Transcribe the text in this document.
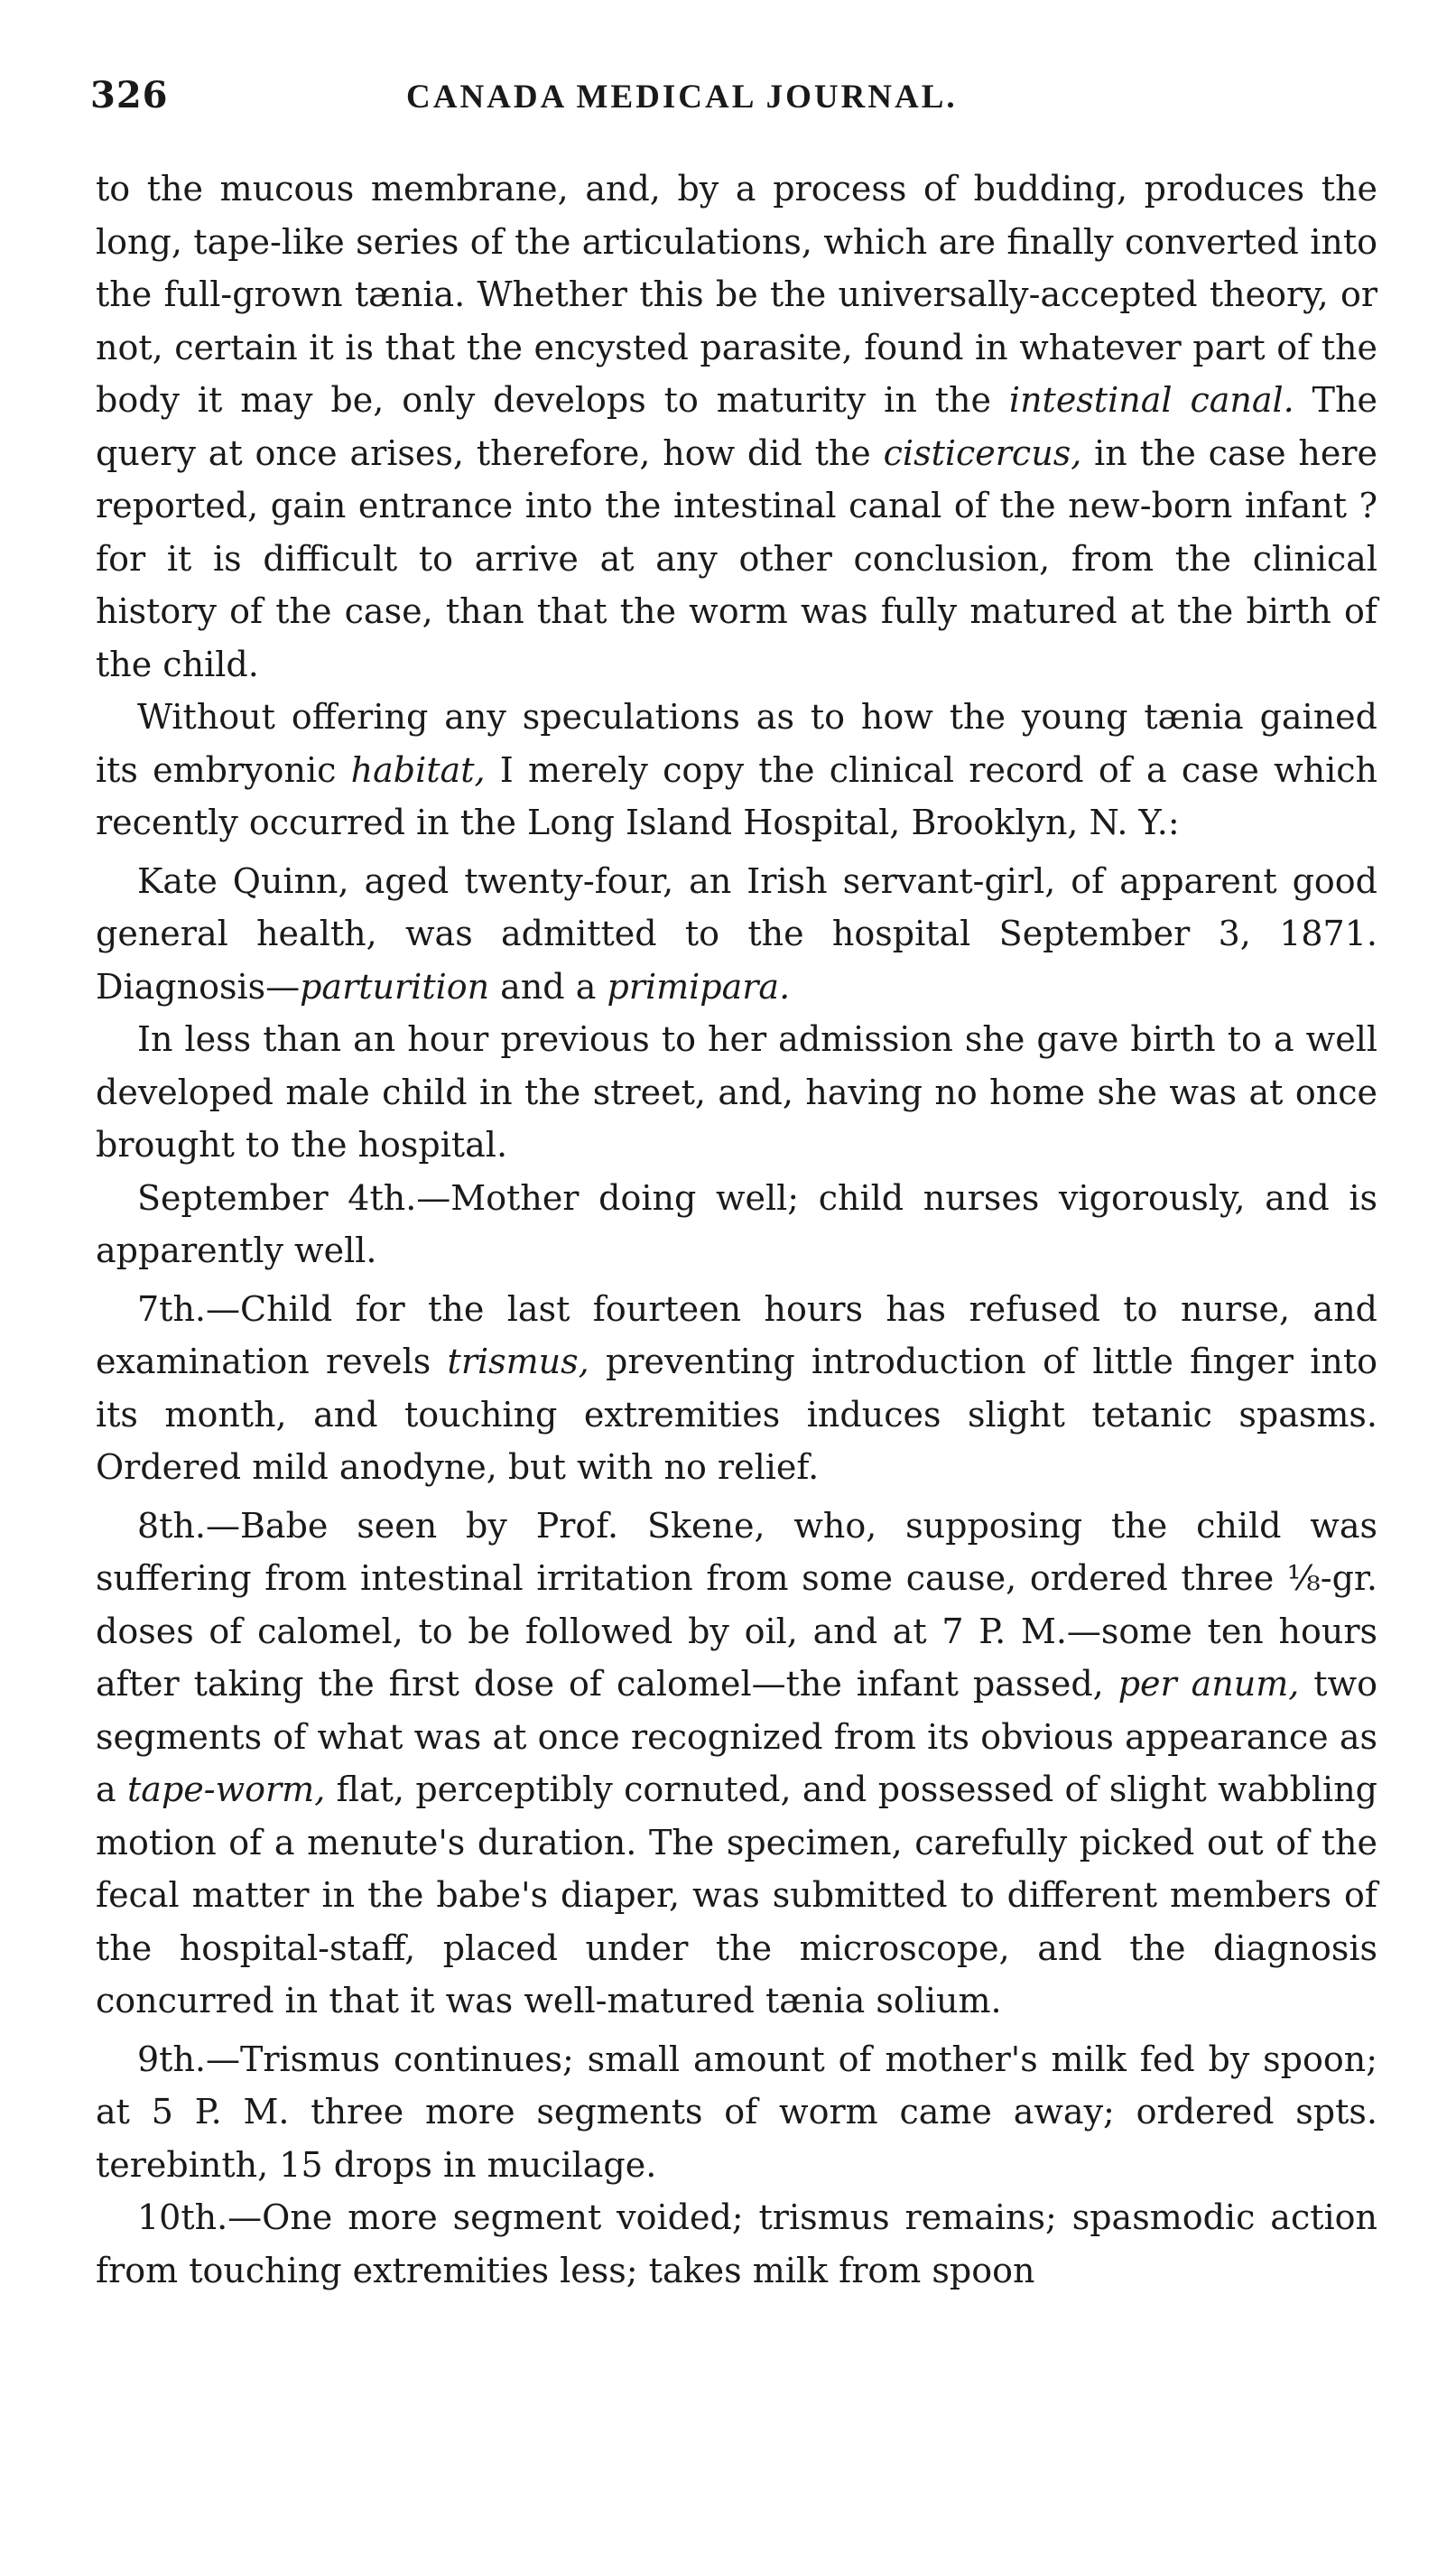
326	CANADA MEDICAL JOURNAL.

to the mucous membrane, and, by a process of budding, produces the long, tape-like series of the articulations, which are finally converted into the full-grown tænia. Whether this be the universally-accepted theory, or not, certain it is that the encysted parasite, found in whatever part of the body it may be, only develops to maturity in the intestinal canal. The query at once arises, therefore, how did the cisticercus, in the case here reported, gain entrance into the intestinal canal of the new-born infant ? for it is difficult to arrive at any other conclusion, from the clinical history of the case, than that the worm was fully matured at the birth of the child.

Without offering any speculations as to how the young tænia gained its embryonic habitat, I merely copy the clinical record of a case which recently occurred in the Long Island Hospital, Brooklyn, N. Y.:

Kate Quinn, aged twenty-four, an Irish servant-girl, of apparent good general health, was admitted to the hospital September 3, 1871. Diagnosis—parturition and a primipara.

In less than an hour previous to her admission she gave birth to a well developed male child in the street, and, having no home she was at once brought to the hospital.

September 4th.—Mother doing well; child nurses vigorously, and is apparently well.

7th.—Child for the last fourteen hours has refused to nurse, and examination revels trismus, preventing introduction of little finger into its month, and touching extremities induces slight tetanic spasms. Ordered mild anodyne, but with no relief.

8th.—Babe seen by Prof. Skene, who, supposing the child was suffering from intestinal irritation from some cause, ordered three ⅛-gr. doses of calomel, to be followed by oil, and at 7 P. M.—some ten hours after taking the first dose of calomel—the infant passed, per anum, two segments of what was at once recognized from its obvious appearance as a tape-worm, flat, perceptibly cornuted, and possessed of slight wabbling motion of a menute's duration. The specimen, carefully picked out of the fecal matter in the babe's diaper, was submitted to different members of the hospital-staff, placed under the microscope, and the diagnosis concurred in that it was well-matured tænia solium.

9th.—Trismus continues; small amount of mother's milk fed by spoon; at 5 P. M. three more segments of worm came away; ordered spts. terebinth, 15 drops in mucilage.

10th.—One more segment voided; trismus remains; spasmodic action from touching extremities less; takes milk from spoon
